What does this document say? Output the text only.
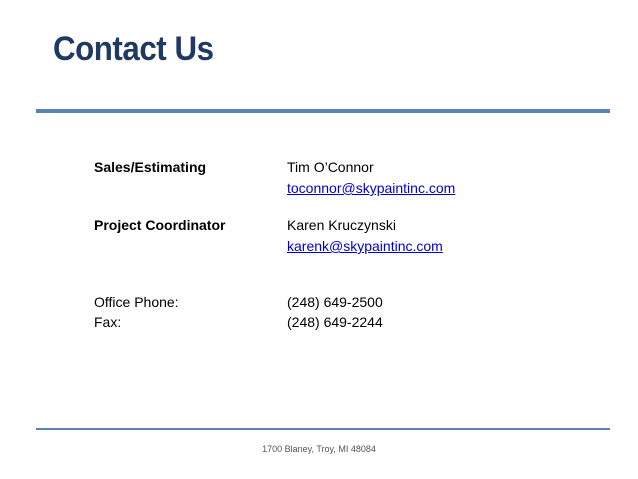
Contact Us
Sales/Estimating	Tim O’Connor
toconnor@skypaintinc.com
Project Coordinator	Karen Kruczynski
karenk@skypaintinc.com
Office Phone:	(248) 649-2500
Fax:	(248) 649-2244
1700 Blaney, Troy, MI 48084
